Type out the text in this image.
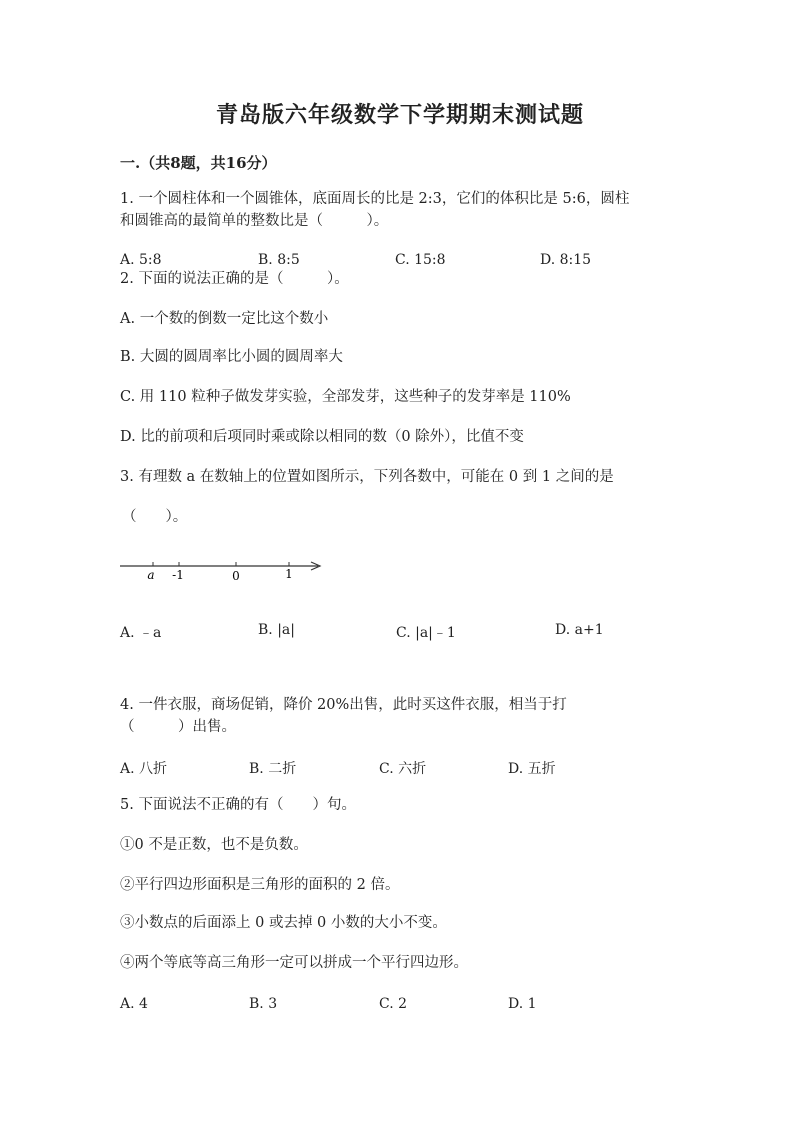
青岛版六年级数学下学期期末测试题
一.（共8题，共16分）
1. 一个圆柱体和一个圆锥体，底面周长的比是 2:3，它们的体积比是 5:6，圆柱
和圆锥高的最简单的整数比是（　　　）。
A. 5:8	B. 8:5	C. 15:8	D. 8:15
2. 下面的说法正确的是（　　　）。
A. 一个数的倒数一定比这个数小
B. 大圆的圆周率比小圆的圆周率大
C. 用 110 粒种子做发芽实验，全部发芽，这些种子的发芽率是 110%
D. 比的前项和后项同时乘或除以相同的数（0 除外），比值不变
3. 有理数 a 在数轴上的位置如图所示，下列各数中，可能在 0 到 1 之间的是
（　　）。
a -1	0	1
A. ﹣a	B. |a|	C. |a|﹣1	D. a+1
4. 一件衣服，商场促销，降价 20%出售，此时买这件衣服，相当于打
（　　　）出售。
A. 八折	B. 二折	C. 六折	D. 五折
5. 下面说法不正确的有（　　）句。
①0 不是正数，也不是负数。
②平行四边形面积是三角形的面积的 2 倍。
③小数点的后面添上 0 或去掉 0 小数的大小不变。
④两个等底等高三角形一定可以拼成一个平行四边形。
A. 4	B. 3	C. 2	D. 1
